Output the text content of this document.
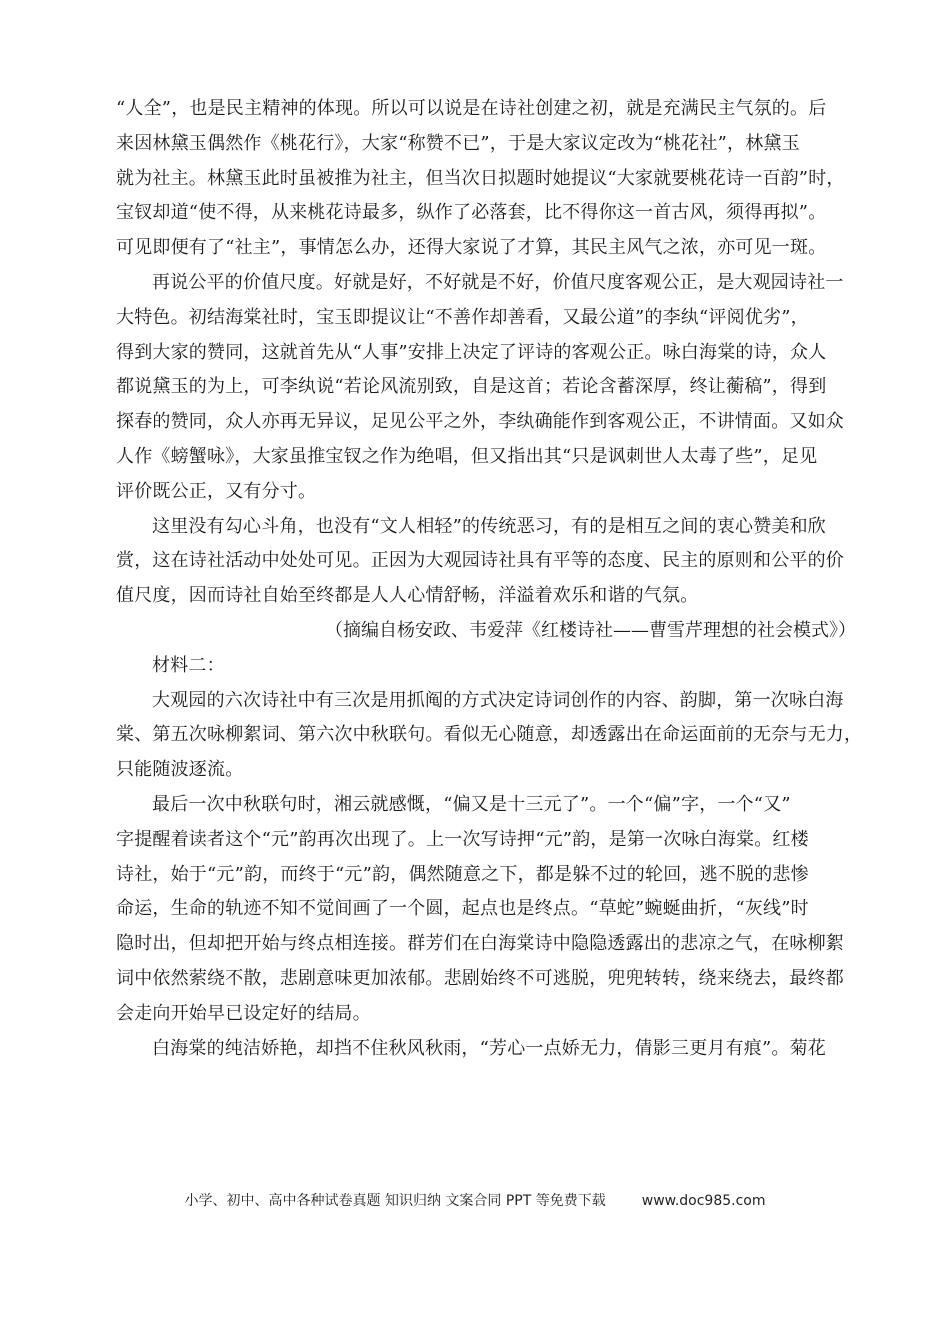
“人全”，也是民主精神的体现。所以可以说是在诗社创建之初，就是充满民主气氛的。后
来因林黛玉偶然作《桃花行》，大家“称赞不已”，于是大家议定改为“桃花社”，林黛玉
就为社主。林黛玉此时虽被推为社主，但当次日拟题时她提议“大家就要桃花诗一百韵”时，
宝钗却道“使不得，从来桃花诗最多，纵作了必落套，比不得你这一首古风，须得再拟”。
可见即便有了“社主”，事情怎么办，还得大家说了才算，其民主风气之浓，亦可见一斑。

再说公平的价值尺度。好就是好，不好就是不好，价值尺度客观公正，是大观园诗社一
大特色。初结海棠社时，宝玉即提议让“不善作却善看，又最公道”的李纨“评阅优劣”，
得到大家的赞同，这就首先从“人事”安排上决定了评诗的客观公正。咏白海棠的诗，众人
都说黛玉的为上，可李纨说“若论风流别致，自是这首；若论含蓄深厚，终让蘅稿”，得到
探春的赞同，众人亦再无异议，足见公平之外，李纨确能作到客观公正，不讲情面。又如众
人作《螃蟹咏》，大家虽推宝钗之作为绝唱，但又指出其“只是讽刺世人太毒了些”，足见
评价既公正，又有分寸。

这里没有勾心斗角，也没有“文人相轻”的传统恶习，有的是相互之间的衷心赞美和欣
赏，这在诗社活动中处处可见。正因为大观园诗社具有平等的态度、民主的原则和公平的价
值尺度，因而诗社自始至终都是人人心情舒畅，洋溢着欢乐和谐的气氛。

（摘编自杨安政、韦爱萍《红楼诗社——曹雪芹理想的社会模式》）

材料二：

大观园的六次诗社中有三次是用抓阄的方式决定诗词创作的内容、韵脚，第一次咏白海
棠、第五次咏柳絮词、第六次中秋联句。看似无心随意，却透露出在命运面前的无奈与无力，
只能随波逐流。

最后一次中秋联句时，湘云就感慨，“偏又是十三元了”。一个“偏”字，一个“又”
字提醒着读者这个“元”韵再次出现了。上一次写诗押“元”韵，是第一次咏白海棠。红楼
诗社，始于“元”韵，而终于“元”韵，偶然随意之下，都是躲不过的轮回，逃不脱的悲惨
命运，生命的轨迹不知不觉间画了一个圆，起点也是终点。“草蛇”蜿蜒曲折，“灰线”时
隐时出，但却把开始与终点相连接。群芳们在白海棠诗中隐隐透露出的悲凉之气，在咏柳絮
词中依然萦绕不散，悲剧意味更加浓郁。悲剧始终不可逃脱，兜兜转转，绕来绕去，最终都
会走向开始早已设定好的结局。

白海棠的纯洁娇艳，却挡不住秋风秋雨，“芳心一点娇无力，倩影三更月有痕”。菊花

小学、初中、高中各种试卷真题 知识归纳 文案合同 PPT 等免费下载	www.doc985.com
